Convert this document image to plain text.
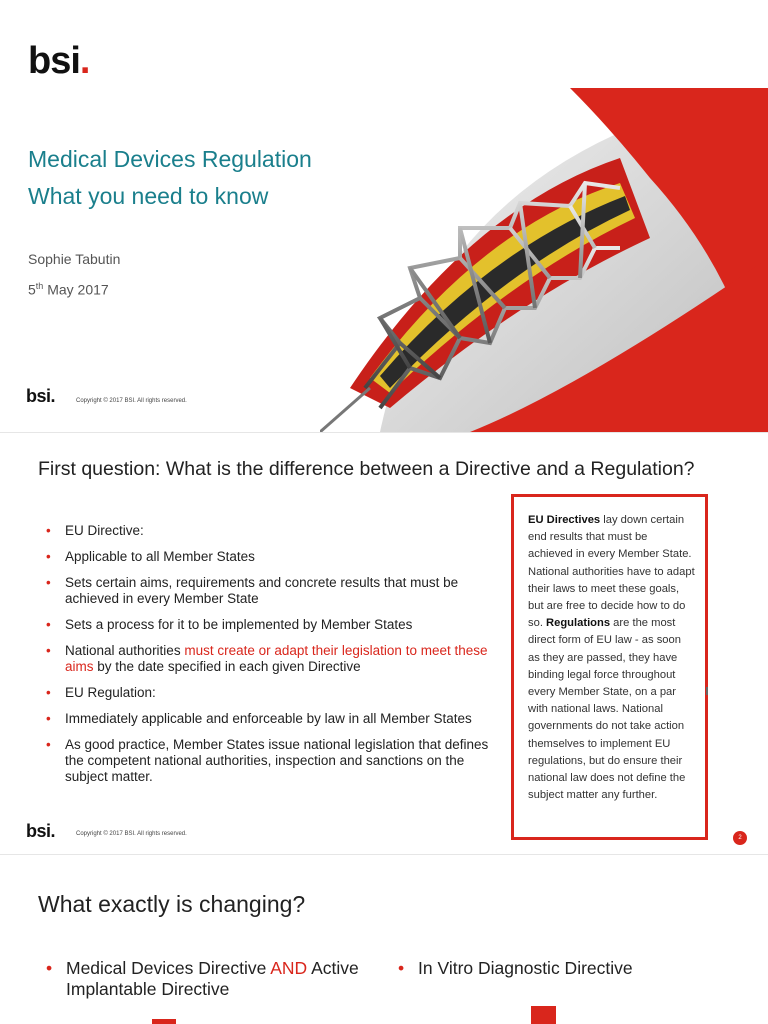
bsi.
Medical Devices Regulation
What you need to know
Sophie Tabutin
5th May 2017
bsi.	Copyright © 2017 BSI. All rights reserved.
First question: What is the difference between a Directive and a Regulation?
• EU Directive:
• Applicable to all Member States
• Sets certain aims, requirements and concrete results that must be achieved in every Member State
• Sets a process for it to be implemented by Member States
• National authorities must create or adapt their legislation to meet these aims by the date specified in each given Directive
• EU Regulation:
• Immediately applicable and enforceable by law in all Member States
• As good practice, Member States issue national legislation that defines the competent national authorities, inspection and sanctions on the subject matter.
EU Directives lay down certain end results that must be achieved in every Member State. National authorities have to adapt their laws to meet these goals, but are free to decide how to do so. Regulations are the most direct form of EU law - as soon as they are passed, they have binding legal force throughout every Member State, on a par with national laws. National governments do not take action themselves to implement EU regulations, but do ensure their national law does not define the subject matter any further.
bsi.	Copyright © 2017 BSI. All rights reserved.
2
What exactly is changing?
• Medical Devices Directive AND Active Implantable Directive
• In Vitro Diagnostic Directive
